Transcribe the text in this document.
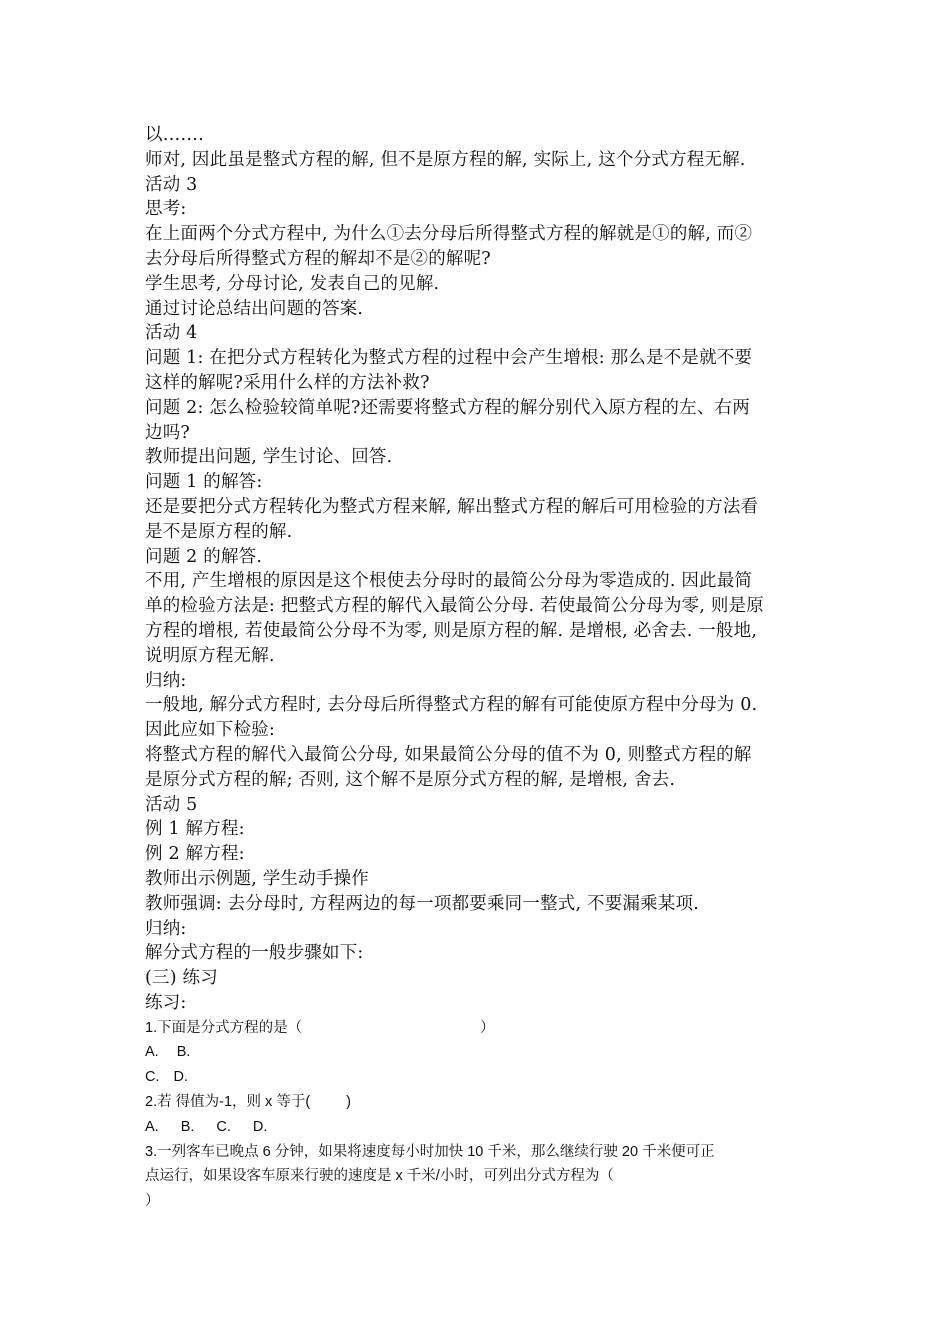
以…….
师对, 因此虽是整式方程的解, 但不是原方程的解, 实际上, 这个分式方程无解.
活动 3
思考:
在上面两个分式方程中, 为什么①去分母后所得整式方程的解就是①的解, 而②
去分母后所得整式方程的解却不是②的解呢?
学生思考, 分母讨论, 发表自己的见解.
通过讨论总结出问题的答案.
活动 4
问题 1: 在把分式方程转化为整式方程的过程中会产生增根: 那么是不是就不要
这样的解呢?采用什么样的方法补救?
问题 2: 怎么检验较简单呢?还需要将整式方程的解分别代入原方程的左、右两
边吗?
教师提出问题, 学生讨论、回答.
问题 1 的解答:
还是要把分式方程转化为整式方程来解, 解出整式方程的解后可用检验的方法看
是不是原方程的解.
问题 2 的解答.
不用, 产生增根的原因是这个根使去分母时的最简公分母为零造成的. 因此最简
单的检验方法是: 把整式方程的解代入最简公分母. 若使最简公分母为零, 则是原
方程的增根, 若使最简公分母不为零, 则是原方程的解. 是增根, 必舍去. 一般地,
说明原方程无解.
归纳:
一般地, 解分式方程时, 去分母后所得整式方程的解有可能使原方程中分母为 0.
因此应如下检验:
将整式方程的解代入最简公分母, 如果最简公分母的值不为 0, 则整式方程的解
是原分式方程的解; 否则, 这个解不是原分式方程的解, 是增根, 舍去.
活动 5
例 1 解方程:
例 2 解方程:
教师出示例题, 学生动手操作
教师强调: 去分母时, 方程两边的每一项都要乘同一整式, 不要漏乘某项.
归纳:
解分式方程的一般步骤如下:
(三) 练习
练习:
1.下面是分式方程的是（	）
A. B.
C. D.
2.若 得值为-1，则 x 等于( )
A. B. C. D.
3.一列客车已晚点 6 分钟，如果将速度每小时加快 10 千米，那么继续行驶 20 千米便可正
点运行，如果设客车原来行驶的速度是 x 千米/小时，可列出分式方程为（
）
